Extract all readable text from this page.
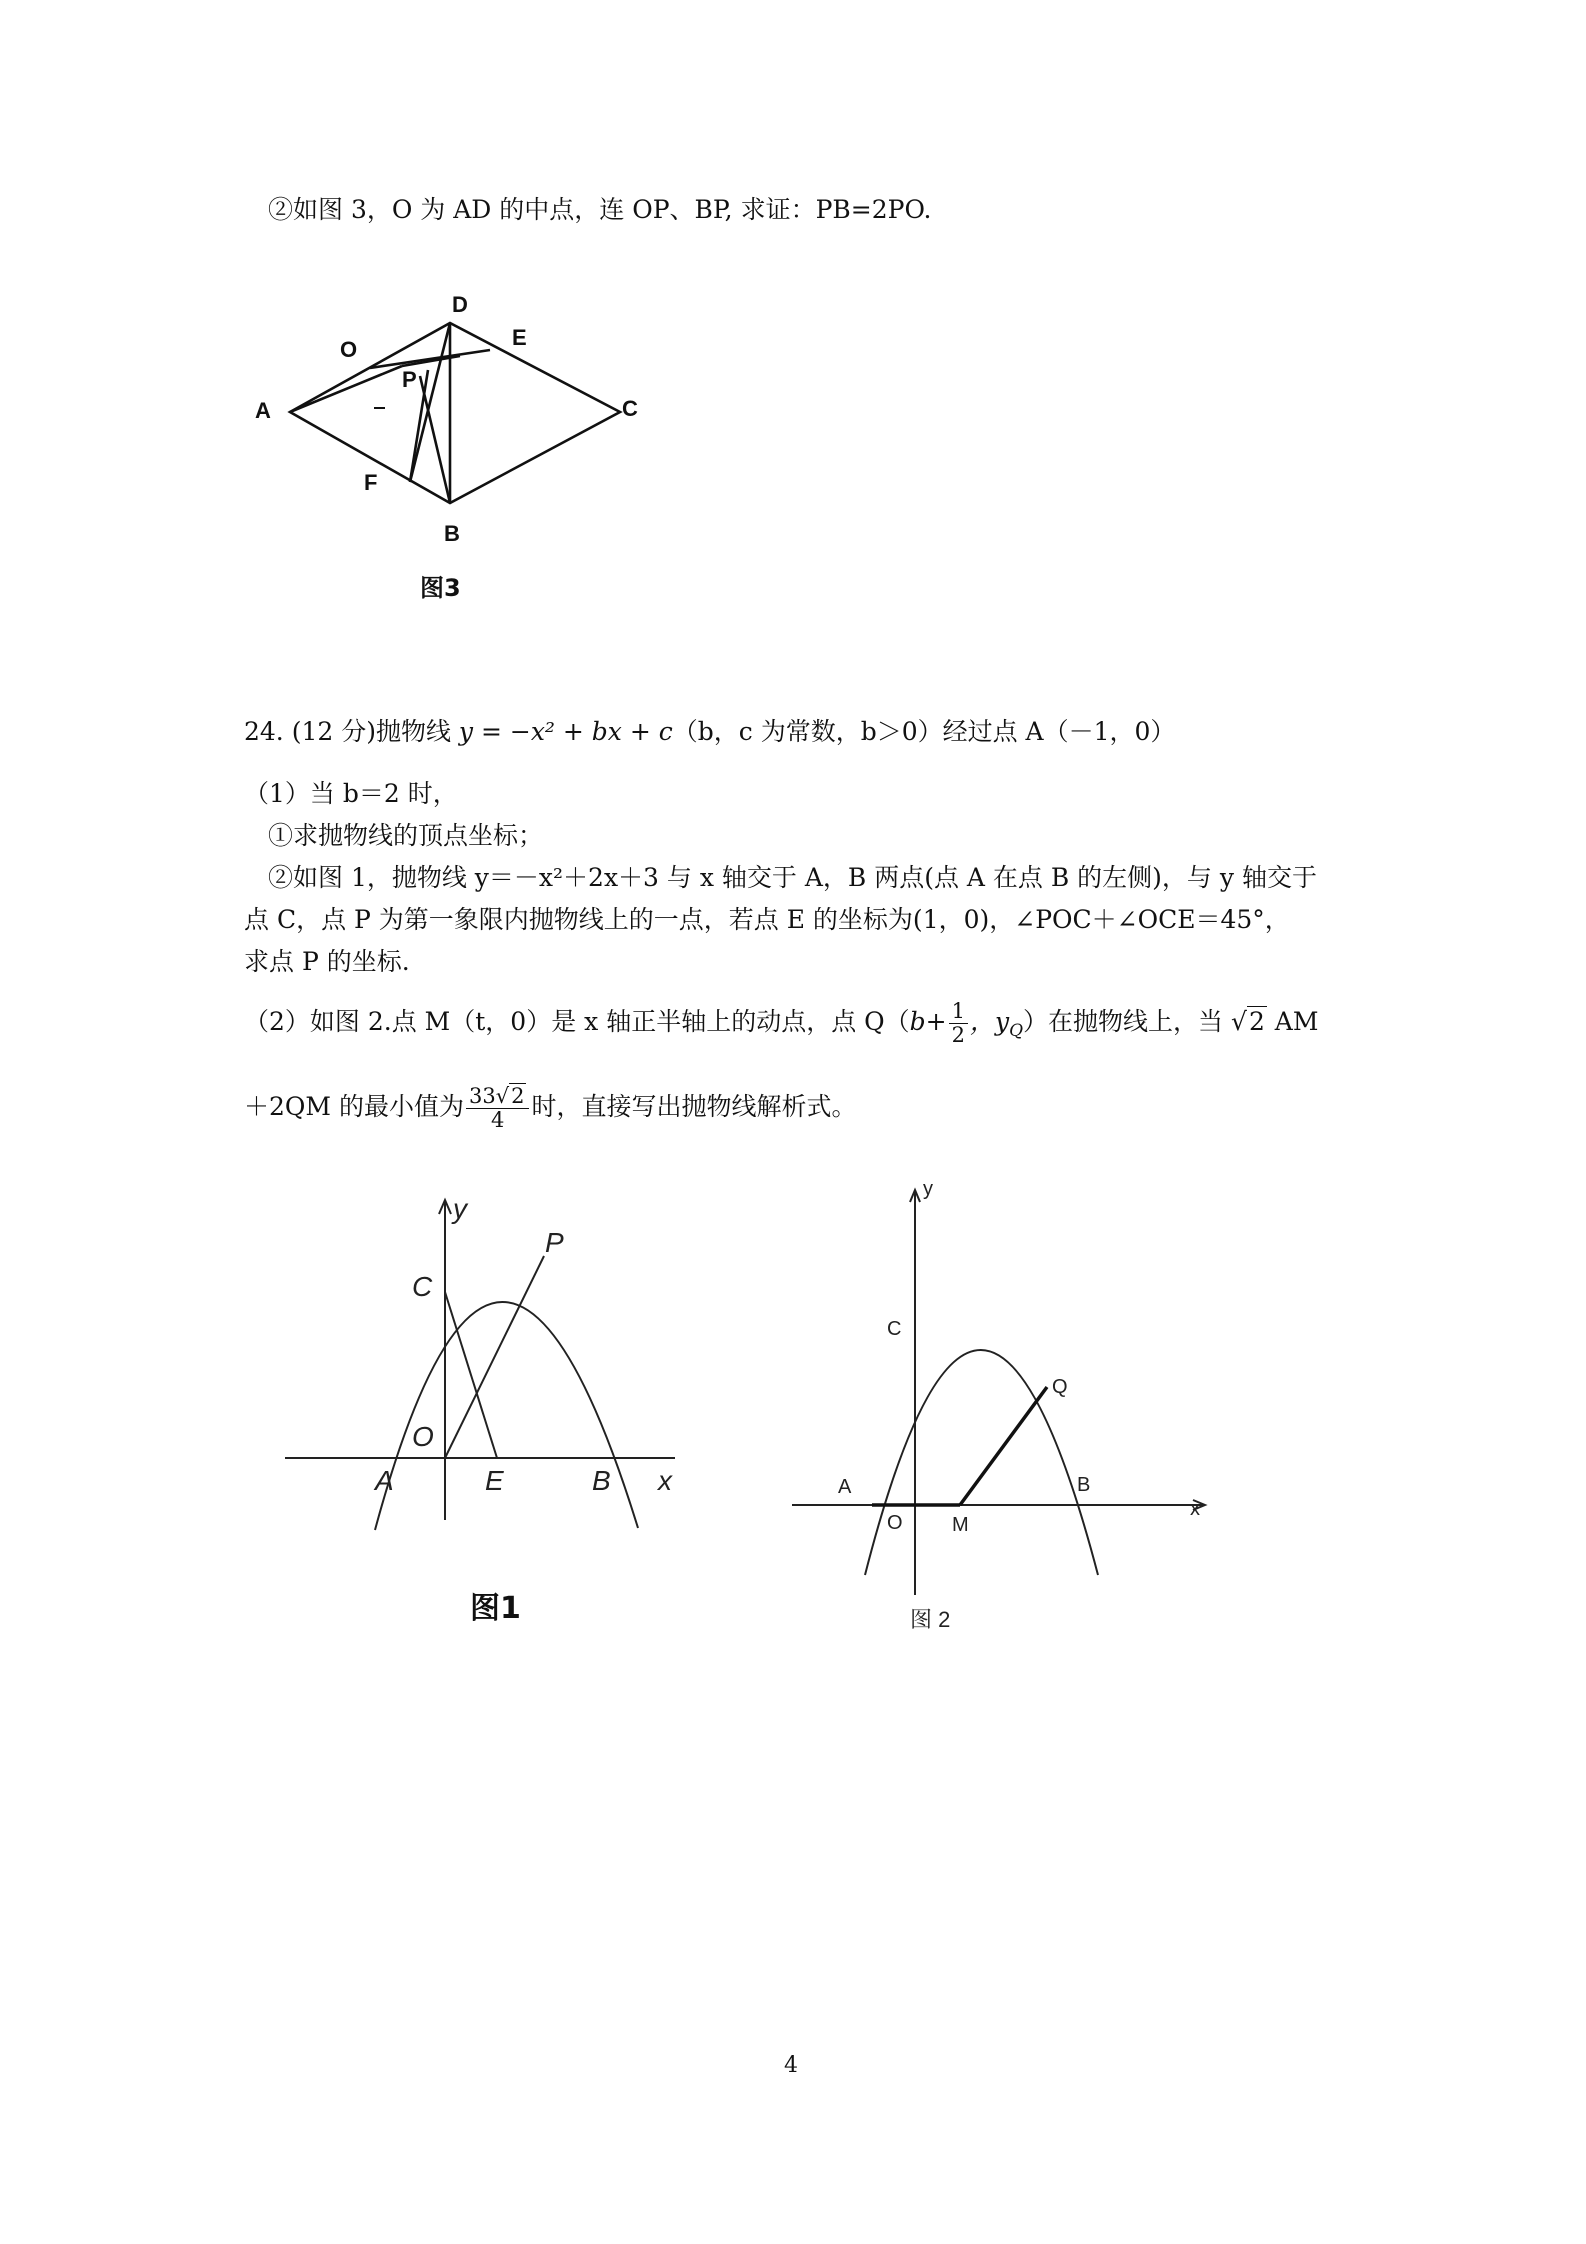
②如图 3，O 为 AD 的中点，连 OP、BP, 求证：PB=2PO.
D
E
O
P
A	C
F
B
图3
24. (12 分)抛物线 y = −x² + bx + c（b，c 为常数，b＞0）经过点 A（－1，0）
（1）当 b＝2 时，
①求抛物线的顶点坐标；
②如图 1，抛物线 y＝－x²＋2x＋3 与 x 轴交于 A，B 两点(点 A 在点 B 的左侧)，与 y 轴交于
点 C，点 P 为第一象限内抛物线上的一点，若点 E 的坐标为(1，0)，∠POC＋∠OCE＝45°，
求点 P 的坐标.
（2）如图 2.点 M（t，0）是 x 轴正半轴上的动点，点 $Q(b+ \frac{1}{2}$ ，$y_Q$）在抛物线上，当 √2 AM
＋2QM 的最小值为 $\frac{33√2}{4}$ 时，直接写出抛物线解析式。
y
C
P
O
A	E	B x
图1
y
C
Q
A	B
O M
x
图 2
4
